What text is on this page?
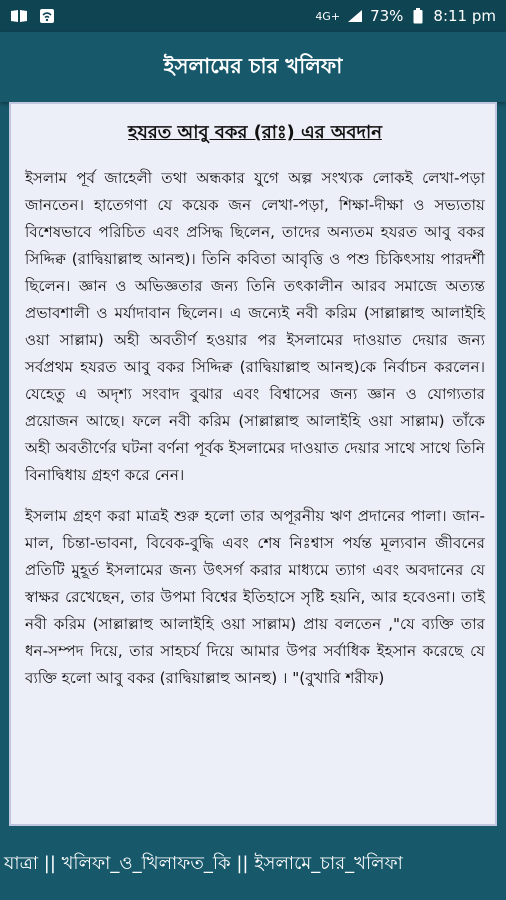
4G+ 73% 8:11 pm
ইসলামের চার খলিফা
হযরত আবু বকর (রাঃ) এর অবদান

ইসলাম পূর্ব জাহেলী তথা অন্ধকার যুগে অল্প সংখ্যক লোকই লেখা-পড়া জানতেন। হাতেগণা যে কয়েক জন লেখা-পড়া, শিক্ষা-দীক্ষা ও সভ্যতায় বিশেষভাবে পরিচিত এবং প্রসিদ্ধ ছিলেন, তাদের অন্যতম হযরত আবু বকর সিদ্দিক্ব (রাদ্বিয়াল্লাহু আনহু)। তিনি কবিতা আবৃত্তি ও পশু চিকিৎসায় পারদর্শী ছিলেন। জ্ঞান ও অভিজ্ঞতার জন্য তিনি তৎকালীন আরব সমাজে অত্যন্ত প্রভাবশালী ও মর্যাদাবান ছিলেন। এ জন্যেই নবী করিম (সাল্লাল্লাহু আলাইহি ওয়া সাল্লাম) অহী অবতীর্ণ হওয়ার পর ইসলামের দাওয়াত দেয়ার জন্য সর্বপ্রথম হযরত আবু বকর সিদ্দিক্ব (রাদ্বিয়াল্লাহু আনহু)কে নির্বাচন করলেন। যেহেতু এ অদৃশ্য সংবাদ বুঝার এবং বিশ্বাসের জন্য জ্ঞান ও যোগ্যতার প্রয়োজন আছে। ফলে নবী করিম (সাল্লাল্লাহু আলাইহি ওয়া সাল্লাম) তাঁকে অহী অবতীর্ণের ঘটনা বর্ণনা পূর্বক ইসলামের দাওয়াত দেয়ার সাথে সাথে তিনি বিনাদ্বিধায় গ্রহণ করে নেন।

ইসলাম গ্রহণ করা মাত্রই শুরু হলো তার অপূরনীয় ঋণ প্রদানের পালা। জান-মাল, চিন্তা-ভাবনা, বিবেক-বুদ্ধি এবং শেষ নিঃশ্বাস পর্যন্ত মূল্যবান জীবনের প্রতিটি মুহূর্ত ইসলামের জন্য উৎসর্গ করার মাধ্যমে ত্যাগ এবং অবদানের যে স্বাক্ষর রেখেছেন, তার উপমা বিশ্বের ইতিহাসে সৃষ্টি হয়নি, আর হবেওনা। তাই নবী করিম (সাল্লাল্লাহু আলাইহি ওয়া সাল্লাম) প্রায় বলতেন ,"যে ব্যক্তি তার ধন-সম্পদ দিয়ে, তার সাহচর্য দিয়ে আমার উপর সর্বাধিক ইহসান করেছে যে ব্যক্তি হলো আবু বকর (রাদ্বিয়াল্লাহু আনহু) । "(বুখারি শরীফ)

যাত্রা || খলিফা_ও_খিলাফত_কি || ইসলামে_চার_খলিফা
